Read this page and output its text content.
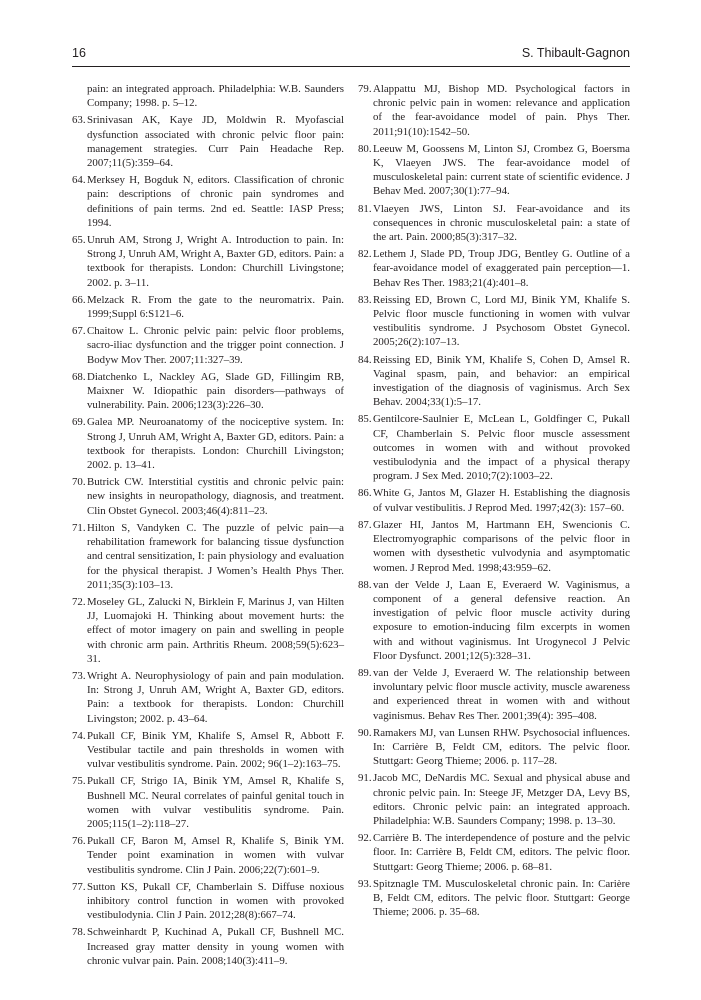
16	S. Thibault-Gagnon

pain: an integrated approach. Philadelphia: W.B. Saunders Company; 1998. p. 5–12.

63. Srinivasan AK, Kaye JD, Moldwin R. Myofascial dysfunction associated with chronic pelvic floor pain: management strategies. Curr Pain Headache Rep. 2007;11(5):359–64.

64. Merksey H, Bogduk N, editors. Classification of chronic pain: descriptions of chronic pain syndromes and definitions of pain terms. 2nd ed. Seattle: IASP Press; 1994.

65. Unruh AM, Strong J, Wright A. Introduction to pain. In: Strong J, Unruh AM, Wright A, Baxter GD, editors. Pain: a textbook for therapists. London: Churchill Livingstone; 2002. p. 3–11.

66. Melzack R. From the gate to the neuromatrix. Pain. 1999;Suppl 6:S121–6.

67. Chaitow L. Chronic pelvic pain: pelvic floor problems, sacro-iliac dysfunction and the trigger point connection. J Bodyw Mov Ther. 2007;11:327–39.

68. Diatchenko L, Nackley AG, Slade GD, Fillingim RB, Maixner W. Idiopathic pain disorders—pathways of vulnerability. Pain. 2006;123(3):226–30.

69. Galea MP. Neuroanatomy of the nociceptive system. In: Strong J, Unruh AM, Wright A, Baxter GD, editors. Pain: a textbook for therapists. London: Churchill Livingston; 2002. p. 13–41.

70. Butrick CW. Interstitial cystitis and chronic pelvic pain: new insights in neuropathology, diagnosis, and treatment. Clin Obstet Gynecol. 2003;46(4):811–23.

71. Hilton S, Vandyken C. The puzzle of pelvic pain—a rehabilitation framework for balancing tissue dysfunction and central sensitization, I: pain physiology and evaluation for the physical therapist. J Women’s Health Phys Ther. 2011;35(3):103–13.

72. Moseley GL, Zalucki N, Birklein F, Marinus J, van Hilten JJ, Luomajoki H. Thinking about movement hurts: the effect of motor imagery on pain and swelling in people with chronic arm pain. Arthritis Rheum. 2008;59(5):623–31.

73. Wright A. Neurophysiology of pain and pain modulation. In: Strong J, Unruh AM, Wright A, Baxter GD, editors. Pain: a textbook for therapists. London: Churchill Livingston; 2002. p. 43–64.

74. Pukall CF, Binik YM, Khalife S, Amsel R, Abbott F. Vestibular tactile and pain thresholds in women with vulvar vestibulitis syndrome. Pain. 2002; 96(1–2):163–75.

75. Pukall CF, Strigo IA, Binik YM, Amsel R, Khalife S, Bushnell MC. Neural correlates of painful genital touch in women with vulvar vestibulitis syndrome. Pain. 2005;115(1–2):118–27.

76. Pukall CF, Baron M, Amsel R, Khalife S, Binik YM. Tender point examination in women with vulvar vestibulitis syndrome. Clin J Pain. 2006;22(7):601–9.

77. Sutton KS, Pukall CF, Chamberlain S. Diffuse noxious inhibitory control function in women with provoked vestibulodynia. Clin J Pain. 2012;28(8):667–74.

78. Schweinhardt P, Kuchinad A, Pukall CF, Bushnell MC. Increased gray matter density in young women with chronic vulvar pain. Pain. 2008;140(3):411–9.

79. Alappattu MJ, Bishop MD. Psychological factors in chronic pelvic pain in women: relevance and application of the fear-avoidance model of pain. Phys Ther. 2011;91(10):1542–50.

80. Leeuw M, Goossens M, Linton SJ, Crombez G, Boersma K, Vlaeyen JWS. The fear-avoidance model of musculoskeletal pain: current state of scientific evidence. J Behav Med. 2007;30(1):77–94.

81. Vlaeyen JWS, Linton SJ. Fear-avoidance and its consequences in chronic musculoskeletal pain: a state of the art. Pain. 2000;85(3):317–32.

82. Lethem J, Slade PD, Troup JDG, Bentley G. Outline of a fear-avoidance model of exaggerated pain perception—1. Behav Res Ther. 1983;21(4):401–8.

83. Reissing ED, Brown C, Lord MJ, Binik YM, Khalife S. Pelvic floor muscle functioning in women with vulvar vestibulitis syndrome. J Psychosom Obstet Gynecol. 2005;26(2):107–13.

84. Reissing ED, Binik YM, Khalife S, Cohen D, Amsel R. Vaginal spasm, pain, and behavior: an empirical investigation of the diagnosis of vaginismus. Arch Sex Behav. 2004;33(1):5–17.

85. Gentilcore-Saulnier E, McLean L, Goldfinger C, Pukall CF, Chamberlain S. Pelvic floor muscle assessment outcomes in women with and without provoked vestibulodynia and the impact of a physical therapy program. J Sex Med. 2010;7(2):1003–22.

86. White G, Jantos M, Glazer H. Establishing the diagnosis of vulvar vestibulitis. J Reprod Med. 1997;42(3): 157–60.

87. Glazer HI, Jantos M, Hartmann EH, Swencionis C. Electromyographic comparisons of the pelvic floor in women with dysesthetic vulvodynia and asymptomatic women. J Reprod Med. 1998;43:959–62.

88. van der Velde J, Laan E, Everaerd W. Vaginismus, a component of a general defensive reaction. An investigation of pelvic floor muscle activity during exposure to emotion-inducing film excerpts in women with and without vaginismus. Int Urogynecol J Pelvic Floor Dysfunct. 2001;12(5):328–31.

89. van der Velde J, Everaerd W. The relationship between involuntary pelvic floor muscle activity, muscle awareness and experienced threat in women with and without vaginismus. Behav Res Ther. 2001;39(4): 395–408.

90. Ramakers MJ, van Lunsen RHW. Psychosocial influences. In: Carrière B, Feldt CM, editors. The pelvic floor. Stuttgart: Georg Thieme; 2006. p. 117–28.

91. Jacob MC, DeNardis MC. Sexual and physical abuse and chronic pelvic pain. In: Steege JF, Metzger DA, Levy BS, editors. Chronic pelvic pain: an integrated approach. Philadelphia: W.B. Saunders Company; 1998. p. 13–30.

92. Carrière B. The interdependence of posture and the pelvic floor. In: Carrière B, Feldt CM, editors. The pelvic floor. Stuttgart: Georg Thieme; 2006. p. 68–81.

93. Spitznagle TM. Musculoskeletal chronic pain. In: Carière B, Feldt CM, editors. The pelvic floor. Stuttgart: George Thieme; 2006. p. 35–68.
